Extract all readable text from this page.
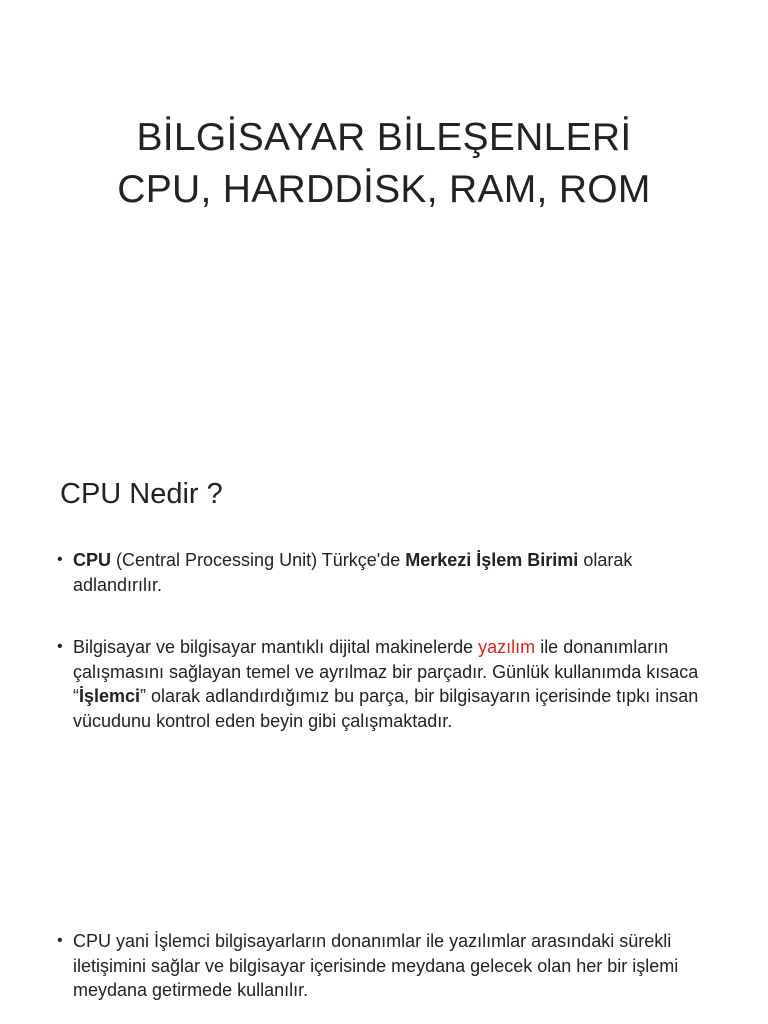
BİLGİSAYAR BİLEŞENLERİ
CPU, HARDDİSK, RAM, ROM
CPU Nedir ?
• CPU (Central Processing Unit) Türkçe'de Merkezi İşlem Birimi olarak adlandırılır.
• Bilgisayar ve bilgisayar mantıklı dijital makinelerde yazılım ile donanımların çalışmasını sağlayan temel ve ayrılmaz bir parçadır. Günlük kullanımda kısaca “İşlemci” olarak adlandırdığımız bu parça, bir bilgisayarın içerisinde tıpkı insan vücudunu kontrol eden beyin gibi çalışmaktadır.
• CPU yani İşlemci bilgisayarların donanımlar ile yazılımlar arasındaki sürekli iletişimini sağlar ve bilgisayar içerisinde meydana gelecek olan her bir işlemi meydana getirmede kullanılır.
